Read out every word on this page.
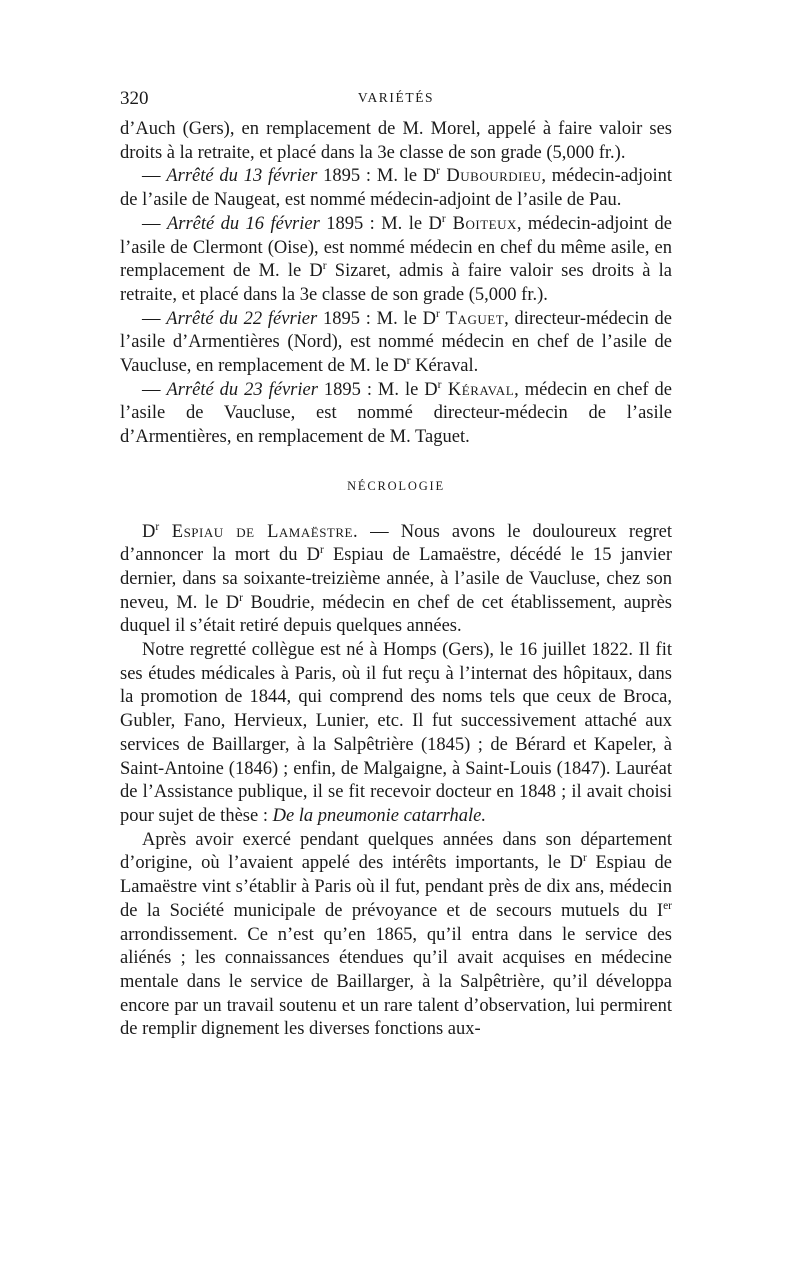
320	VARIÉTÉS

d’Auch (Gers), en remplacement de M. Morel, appelé à faire valoir ses droits à la retraite, et placé dans la 3e classe de son grade (5,000 fr.).

— Arrêté du 13 février 1895 : M. le $D^r$ Dubourdieu, médecin-adjoint de l’asile de Naugeat, est nommé médecin-adjoint de l’asile de Pau.

— Arrêté du 16 février 1895 : M. le $D^r$ Boiteux, médecin-adjoint de l’asile de Clermont (Oise), est nommé médecin en chef du même asile, en remplacement de M. le $D^r$ Sizaret, admis à faire valoir ses droits à la retraite, et placé dans la 3e classe de son grade (5,000 fr.).

— Arrêté du 22 février 1895 : M. le $D^r$ Taguet, directeur-médecin de l’asile d’Armentières (Nord), est nommé médecin en chef de l’asile de Vaucluse, en remplacement de M. le $D^r$ Kéraval.

— Arrêté du 23 février 1895 : M. le $D^r$ Kéraval, médecin en chef de l’asile de Vaucluse, est nommé directeur-médecin de l’asile d’Armentières, en remplacement de M. Taguet.

NÉCROLOGIE

$D^r$ Espiau de Lamaëstre. — Nous avons le douloureux regret d’annoncer la mort du $D^r$ Espiau de Lamaëstre, décédé le 15 janvier dernier, dans sa soixante-treizième année, à l’asile de Vaucluse, chez son neveu, M. le $D^r$ Boudrie, médecin en chef de cet établissement, auprès duquel il s’était retiré depuis quelques années.

Notre regretté collègue est né à Homps (Gers), le 16 juillet 1822. Il fit ses études médicales à Paris, où il fut reçu à l’internat des hôpitaux, dans la promotion de 1844, qui comprend des noms tels que ceux de Broca, Gubler, Fano, Hervieux, Lunier, etc. Il fut successivement attaché aux services de Baillarger, à la Salpêtrière (1845) ; de Bérard et Kapeler, à Saint-Antoine (1846) ; enfin, de Malgaigne, à Saint-Louis (1847). Lauréat de l’Assistance publique, il se fit recevoir docteur en 1848 ; il avait choisi pour sujet de thèse : De la pneumonie catarrhale.

Après avoir exercé pendant quelques années dans son département d’origine, où l’avaient appelé des intérêts importants, le $D^r$ Espiau de Lamaëstre vint s’établir à Paris où il fut, pendant près de dix ans, médecin de la Société municipale de prévoyance et de secours mutuels du Ier arrondissement. Ce n’est qu’en 1865, qu’il entra dans le service des aliénés ; les connaissances étendues qu’il avait acquises en médecine mentale dans le service de Baillarger, à la Salpêtrière, qu’il développa encore par un travail soutenu et un rare talent d’observation, lui permirent de remplir dignement les diverses fonctions aux-
